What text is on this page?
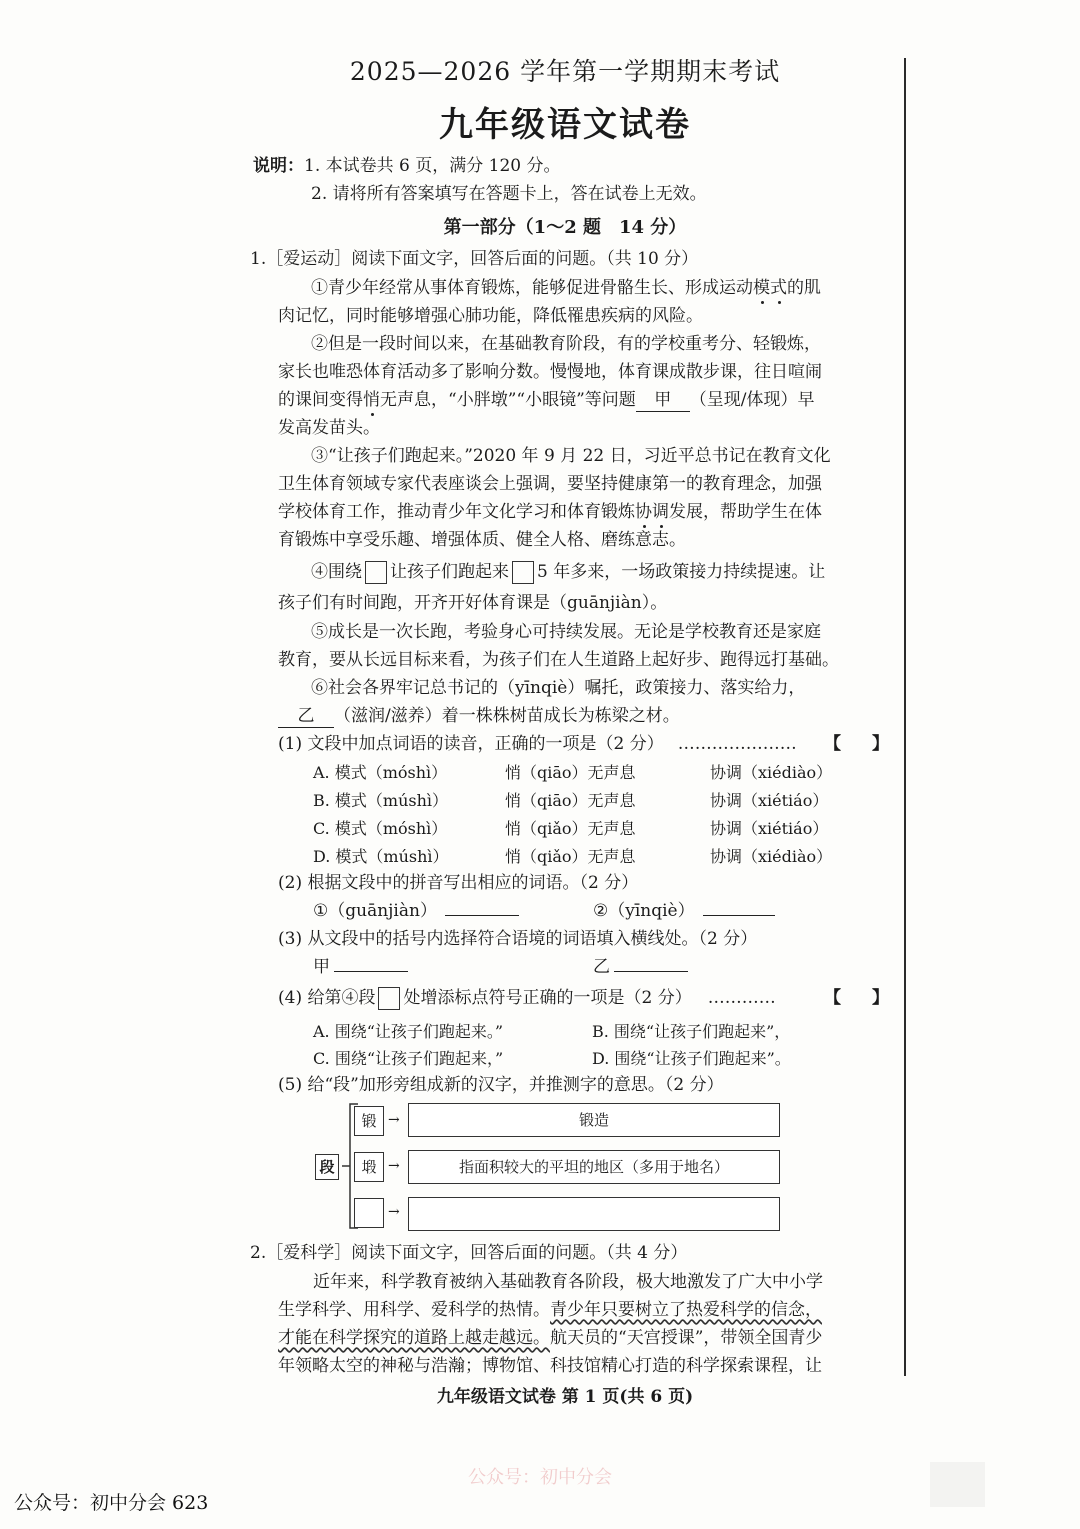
2025—2026 学年第一学期期末考试
九年级语文试卷
说明：1. 本试卷共 6 页，满分 120 分。
2. 请将所有答案填写在答题卡上，答在试卷上无效。
第一部分（1～2 题　14 分）
1.［爱运动］阅读下面文字，回答后面的问题。（共 10 分）
①青少年经常从事体育锻炼，能够促进骨骼生长、形成运动模式的肌
肉记忆，同时能够增强心肺功能，降低罹患疾病的风险。
②但是一段时间以来，在基础教育阶段，有的学校重考分、轻锻炼，
家长也唯恐体育活动多了影响分数。慢慢地，体育课成散步课，往日喧闹
的课间变得悄无声息，“小胖墩”“小眼镜”等问题 甲 （呈现/体现）早
发高发苗头。
③“让孩子们跑起来。”2020 年 9 月 22 日，习近平总书记在教育文化
卫生体育领域专家代表座谈会上强调，要坚持健康第一的教育理念，加强
学校体育工作，推动青少年文化学习和体育锻炼协调发展，帮助学生在体
育锻炼中享受乐趣、增强体质、健全人格、磨练意志。
④围绕 让孩子们跑起来 5 年多来，一场政策接力持续提速。让
孩子们有时间跑，开齐开好体育课是（guānjiàn）。
⑤成长是一次长跑，考验身心可持续发展。无论是学校教育还是家庭
教育，要从长远目标来看，为孩子们在人生道路上起好步、跑得远打基础。
⑥社会各界牢记总书记的（yīnqiè）嘱托，政策接力、落实给力，
乙 （滋润/滋养）着一株株树苗成长为栋梁之材。
(1) 文段中加点词语的读音，正确的一项是（2 分） ………………… 【 】
A. 模式（móshì）	悄（qiāo）无声息	协调（xiédiào）
B. 模式（múshì）	悄（qiāo）无声息	协调（xiétiáo）
C. 模式（móshì）	悄（qiǎo）无声息	协调（xiétiáo）
D. 模式（múshì）	悄（qiǎo）无声息	协调（xiédiào）
(2) 根据文段中的拼音写出相应的词语。（2 分）
①（guānjiàn）	②（yīnqiè）
(3) 从文段中的括号内选择符合语境的词语填入横线处。（2 分）
甲	乙
(4) 给第④段 处增添标点符号正确的一项是（2 分） …………	【 】
A. 围绕“让孩子们跑起来。”	B. 围绕“让孩子们跑起来”，
C. 围绕“让孩子们跑起来，”	D. 围绕“让孩子们跑起来”。
(5) 给“段”加形旁组成新的汉字，并推测字的意思。（2 分）
段
锻 →	锻造
塅 →	指面积较大的平坦的地区（多用于地名）
→
2.［爱科学］阅读下面文字，回答后面的问题。（共 4 分）
近年来，科学教育被纳入基础教育各阶段，极大地激发了广大中小学
生学科学、用科学、爱科学的热情。青少年只要树立了热爱科学的信念，
才能在科学探究的道路上越走越远。航天员的“天宫授课”，带领全国青少
年领略太空的神秘与浩瀚；博物馆、科技馆精心打造的科学探索课程，让
九年级语文试卷 第 1 页(共 6 页)
公众号：初中分会
公众号：初中分会 623
